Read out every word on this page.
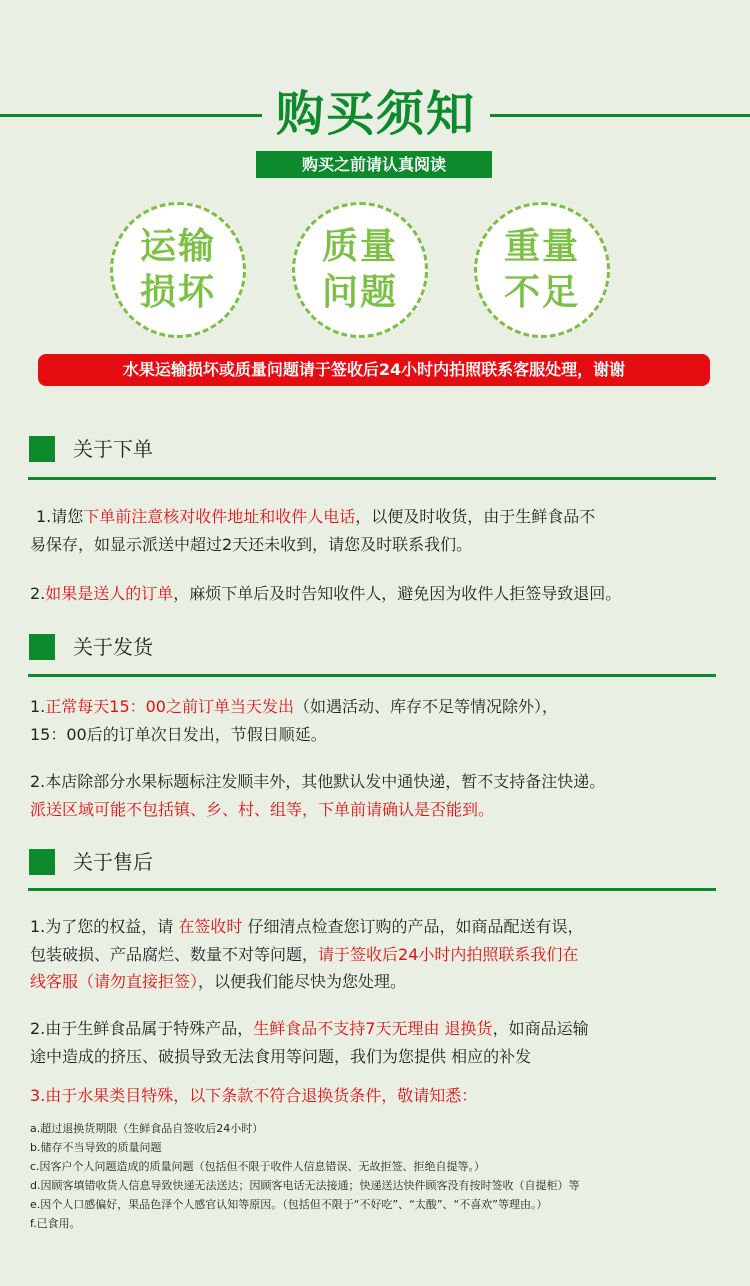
购买须知
购买之前请认真阅读
运输
损坏
质量
问题
重量
不足
水果运输损坏或质量问题请于签收后24小时内拍照联系客服处理，谢谢
关于下单
1.请您下单前注意核对收件地址和收件人电话，以便及时收货，由于生鲜食品不
易保存，如显示派送中超过2天还未收到，请您及时联系我们。
2.如果是送人的订单，麻烦下单后及时告知收件人，避免因为收件人拒签导致退回。
关于发货
1.正常每天15：00之前订单当天发出（如遇活动、库存不足等情况除外），
15：00后的订单次日发出，节假日顺延。
2.本店除部分水果标题标注发顺丰外，其他默认发中通快递，暂不支持备注快递。
派送区域可能不包括镇、乡、村、组等，下单前请确认是否能到。
关于售后
1.为了您的权益，请 在签收时 仔细清点检查您订购的产品，如商品配送有误，
包装破损、产品腐烂、数量不对等问题，请于签收后24小时内拍照联系我们在
线客服（请勿直接拒签），以便我们能尽快为您处理。
2.由于生鲜食品属于特殊产品，生鲜食品不支持7天无理由 退换货，如商品运输
途中造成的挤压、破损导致无法食用等问题，我们为您提供 相应的补发
3.由于水果类目特殊，以下条款不符合退换货条件，敬请知悉：
a.超过退换货期限（生鲜食品自签收后24小时）
b.储存不当导致的质量问题
c.因客户个人问题造成的质量问题（包括但不限于收件人信息错误、无故拒签、拒绝自提等。）
d.因顾客填错收货人信息导致快递无法送达；因顾客电话无法接通；快递送达快件顾客没有按时签收（自提柜）等
e.因个人口感偏好，果品色泽个人感官认知等原因。（包括但不限于“不好吃”、“太酸”、“不喜欢”等理由。）
f.已食用。
